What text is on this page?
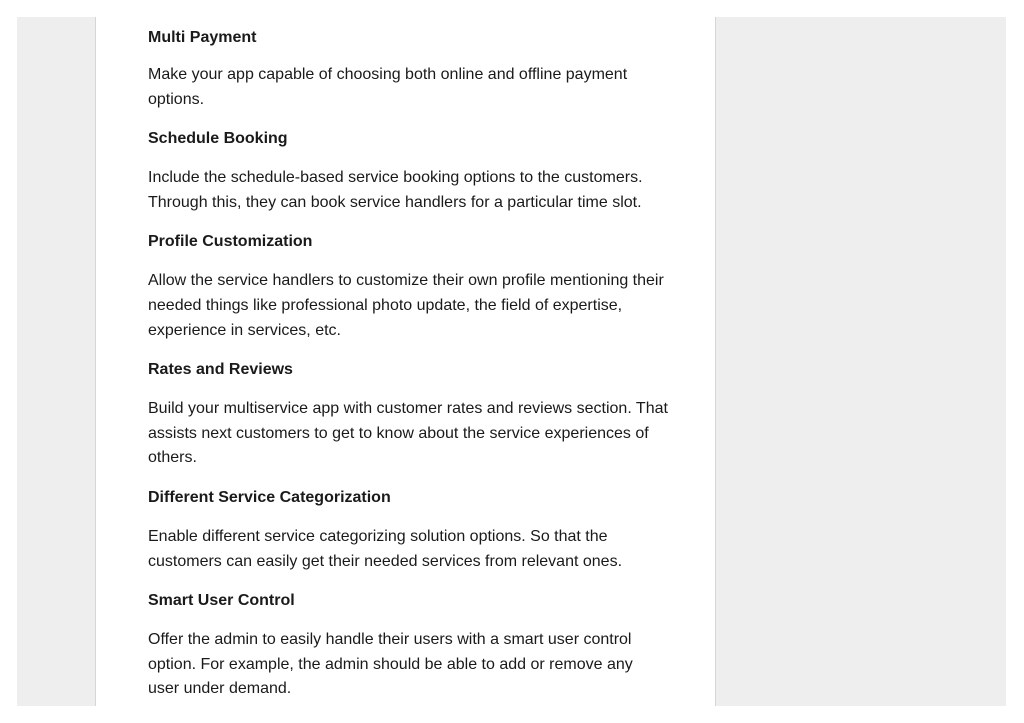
Multi Payment
Make your app capable of choosing both online and offline payment options.
Schedule Booking
Include the schedule-based service booking options to the customers. Through this, they can book service handlers for a particular time slot.
Profile Customization
Allow the service handlers to customize their own profile mentioning their needed things like professional photo update, the field of expertise, experience in services, etc.
Rates and Reviews
Build your multiservice app with customer rates and reviews section. That assists next customers to get to know about the service experiences of others.
Different Service Categorization
Enable different service categorizing solution options. So that the customers can easily get their needed services from relevant ones.
Smart User Control
Offer the admin to easily handle their users with a smart user control option. For example, the admin should be able to add or remove any user under demand.
